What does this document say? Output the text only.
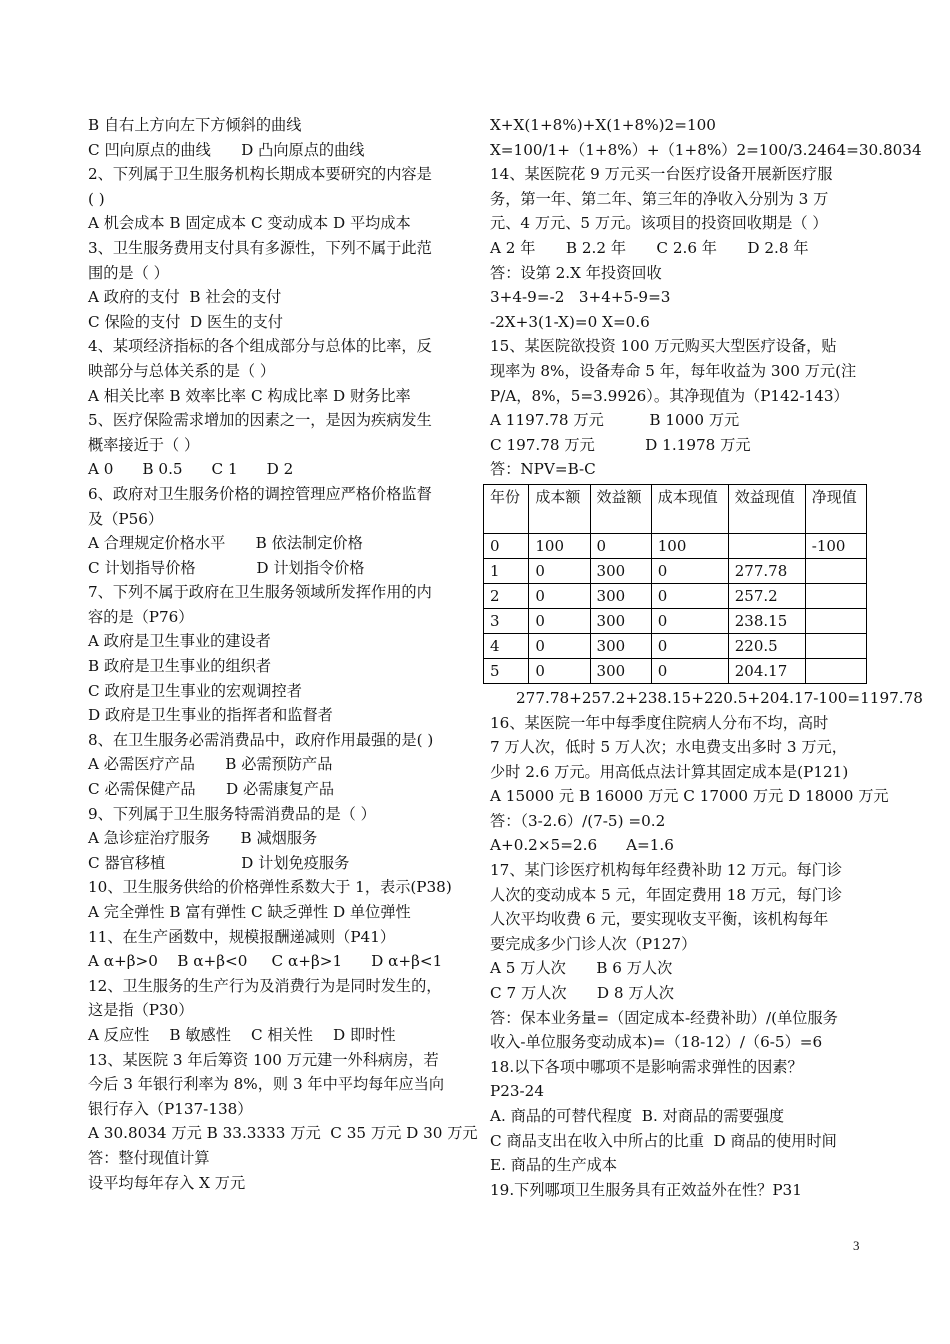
B 自右上方向左下方倾斜的曲线
C 凹向原点的曲线　　D 凸向原点的曲线
2、下列属于卫生服务机构长期成本要研究的内容是
( )
A 机会成本 B 固定成本 C 变动成本 D 平均成本
3、卫生服务费用支付具有多源性，下列不属于此范
围的是（ ）
A 政府的支付  B 社会的支付
C 保险的支付  D 医生的支付
4、某项经济指标的各个组成部分与总体的比率，反
映部分与总体关系的是（ ）
A 相关比率 B 效率比率 C 构成比率 D 财务比率
5、医疗保险需求增加的因素之一，是因为疾病发生
概率接近于（ ）
A 0      B 0.5      C 1      D 2
6、政府对卫生服务价格的调控管理应严格价格监督
及（P56）
A 合理规定价格水平　　B 依法制定价格
C 计划指导价格　　　　D 计划指令价格
7、下列不属于政府在卫生服务领域所发挥作用的内
容的是（P76）
A 政府是卫生事业的建设者
B 政府是卫生事业的组织者
C 政府是卫生事业的宏观调控者
D 政府是卫生事业的指挥者和监督者
8、在卫生服务必需消费品中，政府作用最强的是( )
A 必需医疗产品　　B 必需预防产品
C 必需保健产品　　D 必需康复产品
9、下列属于卫生服务特需消费品的是（ ）
A 急诊症治疗服务　　B 减烟服务
C 器官移植　　　　　D 计划免疫服务
10、卫生服务供给的价格弹性系数大于 1，表示(P38)
A 完全弹性 B 富有弹性 C 缺乏弹性 D 单位弹性
11、在生产函数中，规模报酬递减则（P41）
A α+β>0    B α+β<0     C α+β>1      D α+β<1
12、卫生服务的生产行为及消费行为是同时发生的，
这是指（P30）
A 反应性　 B 敏感性　 C 相关性　 D 即时性
13、某医院 3 年后筹资 100 万元建一外科病房，若
今后 3 年银行利率为 8%，则 3 年中平均每年应当向
银行存入（P137-138）
A 30.8034 万元 B 33.3333 万元  C 35 万元 D 30 万元
答：整付现值计算
设平均每年存入 X 万元
X+X(1+8%)+X(1+8%)2=100
X=100/1+（1+8%）+（1+8%）2=100/3.2464=30.8034
14、某医院花 9 万元买一台医疗设备开展新医疗服
务，第一年、第二年、第三年的净收入分别为 3 万
元、4 万元、5 万元。该项目的投资回收期是（ ）
A 2 年　　B 2.2 年　　C 2.6 年　　D 2.8 年
答：设第 2.X 年投资回收
3+4-9=-2   3+4+5-9=3
-2X+3(1-X)=0 X=0.6
15、某医院欲投资 100 万元购买大型医疗设备，贴
现率为 8%，设备寿命 5 年，每年收益为 300 万元(注
P/A，8%，5=3.9926）。其净现值为（P142-143）
A 1197.78 万元　　　B 1000 万元
C 197.78 万元　　　 D 1.1978 万元
答：NPV=B-C
年份	成本额	效益额	成本现值	效益现值	净现值
0	100	0	100		-100
1	0	300	0	277.78	
2	0	300	0	257.2	
3	0	300	0	238.15	
4	0	300	0	220.5	
5	0	300	0	204.17	
277.78+257.2+238.15+220.5+204.17-100=1197.78
16、某医院一年中每季度住院病人分布不均，高时
7 万人次，低时 5 万人次；水电费支出多时 3 万元，
少时 2.6 万元。用高低点法计算其固定成本是(P121)
A 15000 元 B 16000 万元 C 17000 万元 D 18000 万元
答：（3-2.6）/(7-5) =0.2
A+0.2×5=2.6      A=1.6
17、某门诊医疗机构每年经费补助 12 万元。每门诊
人次的变动成本 5 元，年固定费用 18 万元，每门诊
人次平均收费 6 元，要实现收支平衡，该机构每年
要完成多少门诊人次（P127）
A 5 万人次　　B 6 万人次
C 7 万人次　　D 8 万人次
答：保本业务量=（固定成本-经费补助）/(单位服务
收入-单位服务变动成本)=（18-12）/（6-5）=6
18.以下各项中哪项不是影响需求弹性的因素？
P23-24
A. 商品的可替代程度  B. 对商品的需要强度
C 商品支出在收入中所占的比重  D 商品的使用时间
E. 商品的生产成本
19.下列哪项卫生服务具有正效益外在性？P31
3
